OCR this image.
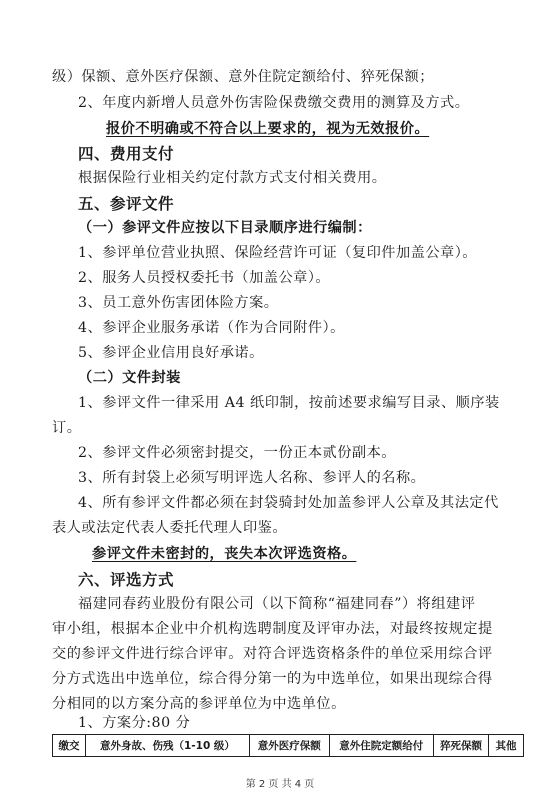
级）保额、意外医疗保额、意外住院定额给付、猝死保额；
2、年度内新增人员意外伤害险保费缴交费用的测算及方式。
报价不明确或不符合以上要求的，视为无效报价。
四、费用支付
根据保险行业相关约定付款方式支付相关费用。
五、参评文件
（一）参评文件应按以下目录顺序进行编制：
1、参评单位营业执照、保险经营许可证（复印件加盖公章）。
2、服务人员授权委托书（加盖公章）。
3、员工意外伤害团体险方案。
4、参评企业服务承诺（作为合同附件）。
5、参评企业信用良好承诺。
（二）文件封装
1、参评文件一律采用 A4 纸印制，按前述要求编写目录、顺序装
订。
2、参评文件必须密封提交，一份正本贰份副本。
3、所有封袋上必须写明评选人名称、参评人的名称。
4、所有参评文件都必须在封袋骑封处加盖参评人公章及其法定代
表人或法定代表人委托代理人印鉴。
参评文件未密封的，丧失本次评选资格。
六、评选方式
福建同春药业股份有限公司（以下简称“福建同春”）将组建评
审小组，根据本企业中介机构选聘制度及评审办法，对最终按规定提
交的参评文件进行综合评审。对符合评选资格条件的单位采用综合评
分方式选出中选单位，综合得分第一的为中选单位，如果出现综合得
分相同的以方案分高的参评单位为中选单位。
缴交	意外身故、伤残（1-10 级）	意外医疗保额	意外住院定额给付	猝死保额	其他
1、方案分:80 分
第 2 页 共 4 页
